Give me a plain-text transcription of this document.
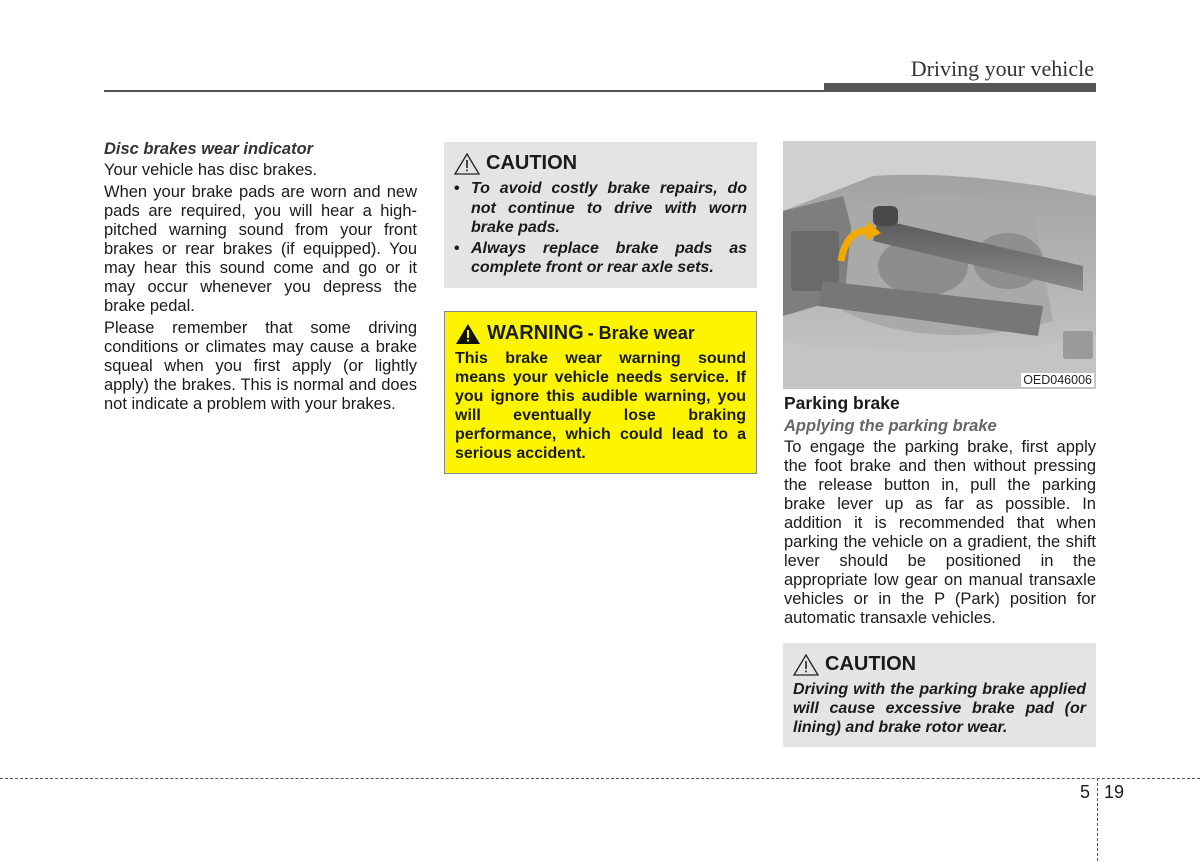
Driving your vehicle
Disc brakes wear indicator

Your vehicle has disc brakes.

When your brake pads are worn and new pads are required, you will hear a high-pitched warning sound from your front brakes or rear brakes (if equipped). You may hear this sound come and go or it may occur whenever you depress the brake pedal.

Please remember that some driving conditions or climates may cause a brake squeal when you first apply (or lightly apply) the brakes. This is normal and does not indicate a problem with your brakes.

CAUTION
• To avoid costly brake repairs, do not continue to drive with worn brake pads.
• Always replace brake pads as complete front or rear axle sets.
WARNING - Brake wear
This brake wear warning sound means your vehicle needs service. If you ignore this audible warning, you will eventually lose braking performance, which could lead to a serious accident.
OED046006
Parking brake
Applying the parking brake

To engage the parking brake, first apply the foot brake and then without pressing the release button in, pull the parking brake lever up as far as possible. In addition it is recommended that when parking the vehicle on a gradient, the shift lever should be positioned in the appropriate low gear on manual transaxle vehicles or in the P (Park) position for automatic transaxle vehicles.

CAUTION
Driving with the parking brake applied will cause excessive brake pad (or lining) and brake rotor wear.
5 19
